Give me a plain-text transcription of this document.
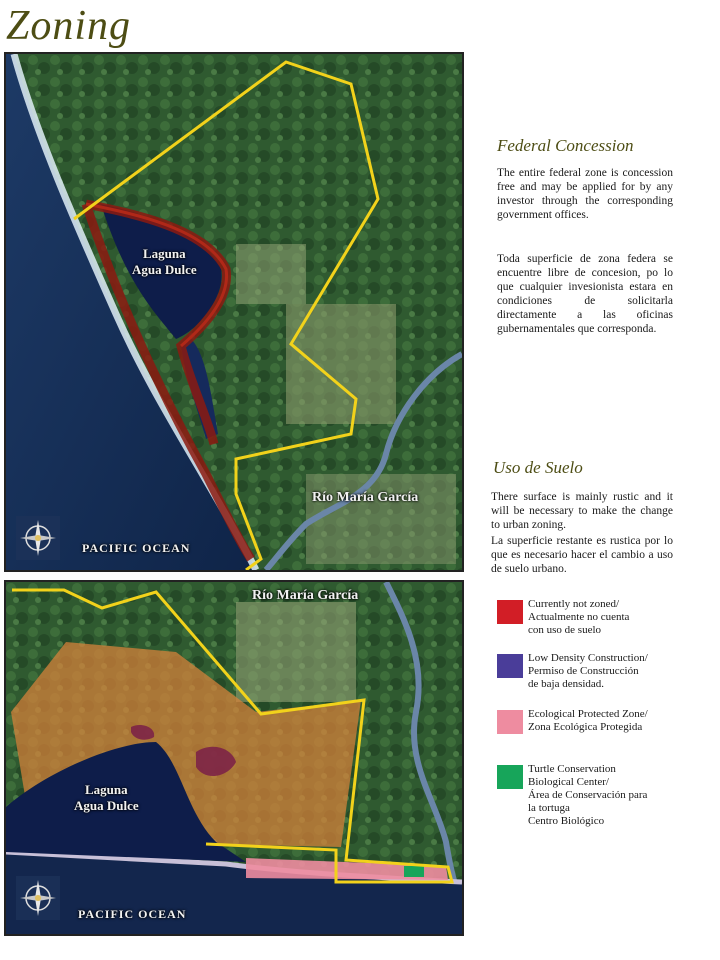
Zoning
Laguna
Agua Dulce
Río María García
PACIFIC OCEAN
Federal Concession
The entire federal zone is concession free and may be applied for by any investor through the corresponding government offices.
Toda superficie de zona federa se encuentre libre de concesion, po lo que cualquier invesionista estara en condiciones de solicitarla directamente a las oficinas gubernamentales que corresponda.
Uso de Suelo
There surface is mainly rustic and it will be necessary to make the change to urban zoning.
La superficie restante es rustica por lo que es necesario hacer el cambio a uso de suelo urbano.
Río María García
Laguna
Agua Dulce
PACIFIC OCEAN
Currently not zoned/
Actualmente no cuenta
con uso de suelo
Low Density Construction/
Permiso de Construcción
de baja densidad.
Ecological Protected Zone/
Zona Ecológica Protegida
Turtle Conservation
Biological Center/
Área de Conservación para
la tortuga
Centro Biológico
